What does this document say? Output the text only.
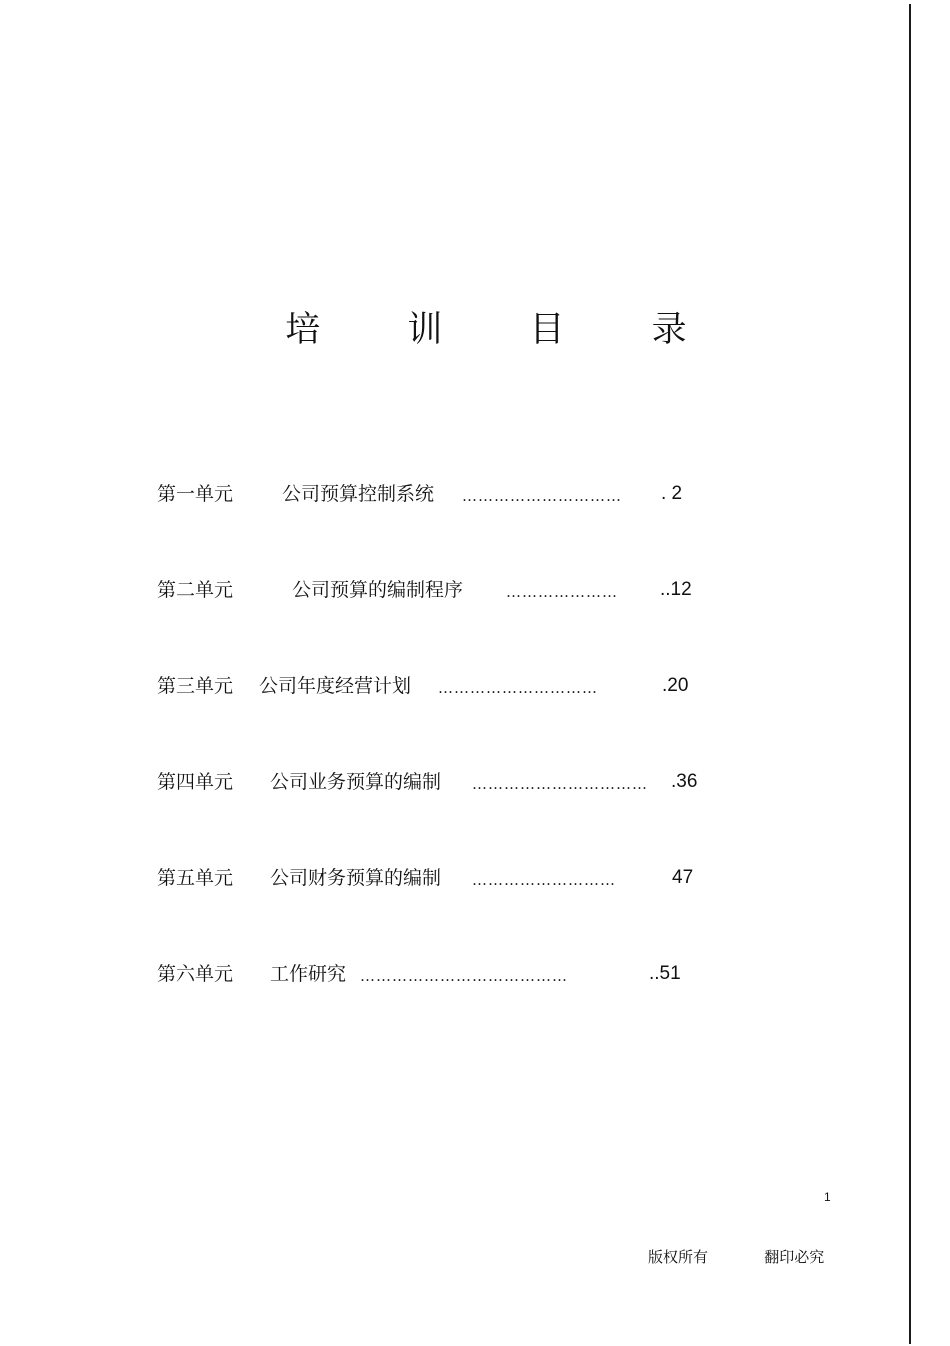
培 训 目 录
第一单元	公司预算控制系统 ………………………… . 2
第二单元	公司预算的编制程序	………………… ..12
第三单元 公司年度经营计划 …………………………	.20
第四单元 公司业务预算的编制 …………………………… .36
第五单元 公司财务预算的编制 ………………………	47
第六单元 工作研究 …………………………………	..51
1
版权所有   翻印必究
